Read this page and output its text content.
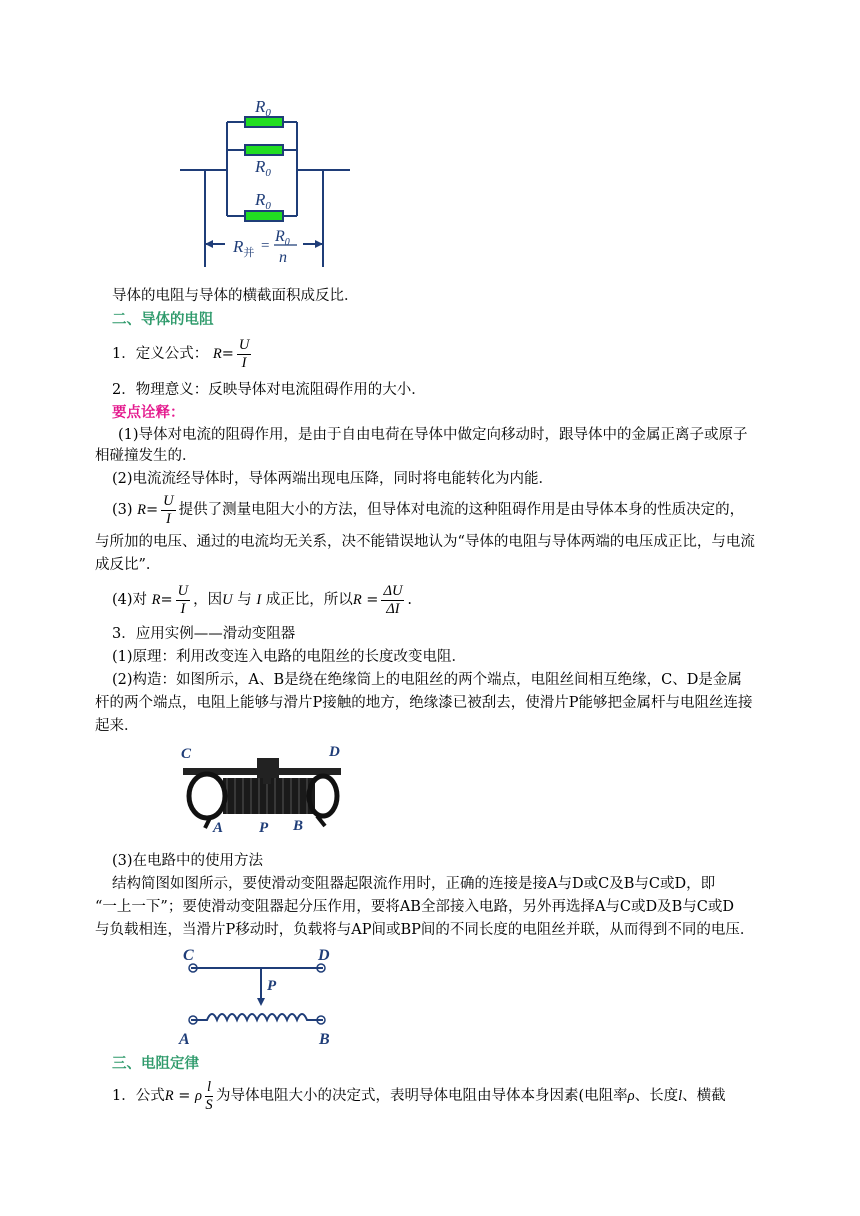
$R_0$
$R_0$
$R_0$
$R_并$ =
$R_0$
n
导体的电阻与导体的横截面积成反比．
二、导体的电阻
1．定义公式： $R= \frac{U}{I}$
2．物理意义：反映导体对电流阻碍作用的大小．
要点诠释：
(1)导体对电流的阻碍作用，是由于自由电荷在导体中做定向移动时，跟导体中的金属正离子或原子
相碰撞发生的．
(2)电流流经导体时，导体两端出现电压降，同时将电能转化为内能．
(3) $R= \frac{U}{I}$ 提供了测量电阻大小的方法，但导体对电流的这种阻碍作用是由导体本身的性质决定的，
与所加的电压、通过的电流均无关系，决不能错误地认为“导体的电阻与导体两端的电压成正比，与电流
成反比”．
(4)对 $R= \frac{U}{I}$ ，因U 与 I 成正比，所以$R = \frac{\Delta U}{\Delta I}$ .
3．应用实例——滑动变阻器
(1)原理：利用改变连入电路的电阻丝的长度改变电阻．
(2)构造：如图所示，A、B是绕在绝缘筒上的电阻丝的两个端点，电阻丝间相互绝缘，C、D是金属
杆的两个端点，电阻上能够与滑片P接触的地方，绝缘漆已被刮去，使滑片P能够把金属杆与电阻丝连接
起来．
C	D
A P B
(3)在电路中的使用方法
结构简图如图所示，要使滑动变阻器起限流作用时，正确的连接是接A与D或C及B与C或D，即
“一上一下”；要使滑动变阻器起分压作用，要将AB全部接入电路，另外再选择A与C或D及B与C或D
与负载相连，当滑片P移动时，负载将与AP间或BP间的不同长度的电阻丝并联，从而得到不同的电压．
C	D
P
A	B
三、电阻定律
1．公式R = ρ $\frac{l}{S}$ 为导体电阻大小的决定式，表明导体电阻由导体本身因素(电阻率ρ、长度l、横截
